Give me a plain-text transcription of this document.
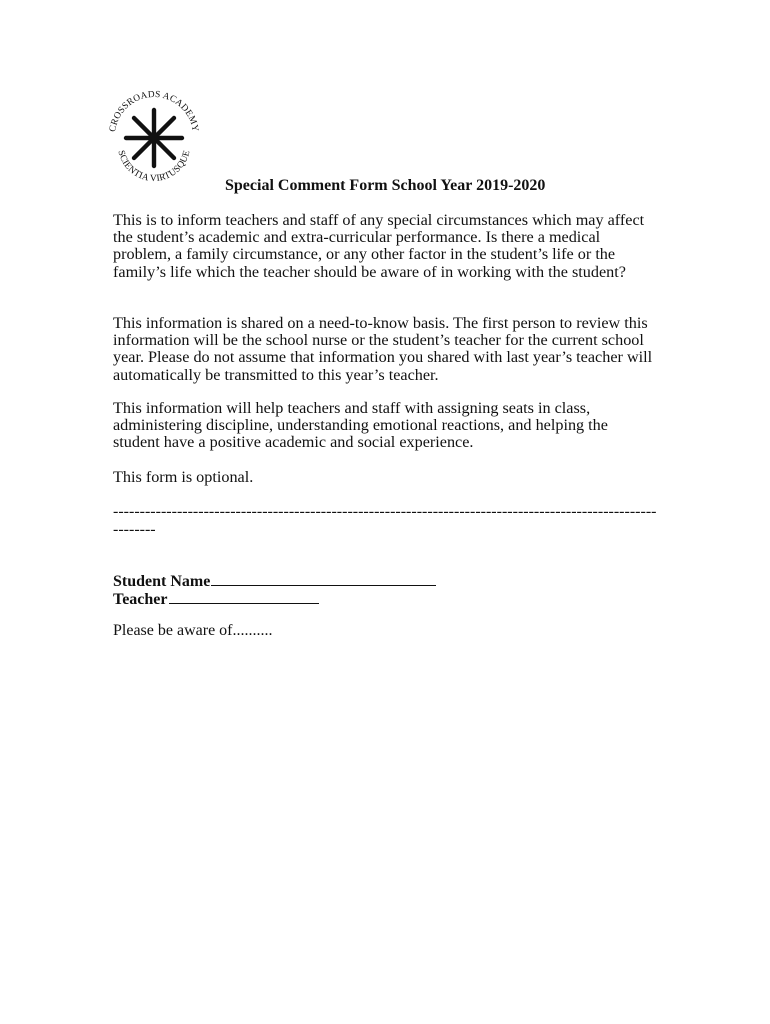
CROSSROADS ACADEMY
SCIENTIA VIRTUSQUE
Special Comment Form School Year 2019-2020

This is to inform teachers and staff of any special circumstances which may affect the student’s academic and extra-curricular performance. Is there a medical problem, a family circumstance, or any other factor in the student’s life or the family’s life which the teacher should be aware of in working with the student?

This information is shared on a need-to-know basis. The first person to review this information will be the school nurse or the student’s teacher for the current school year. Please do not assume that information you shared with last year’s teacher will automatically be transmitted to this year’s teacher.

This information will help teachers and staff with assigning seats in class, administering discipline, understanding emotional reactions, and helping the student have a positive academic and social experience.

This form is optional.

--------------------------------------------------------------------------------------------------------------
Student Name
Teacher
Please be aware of..........
